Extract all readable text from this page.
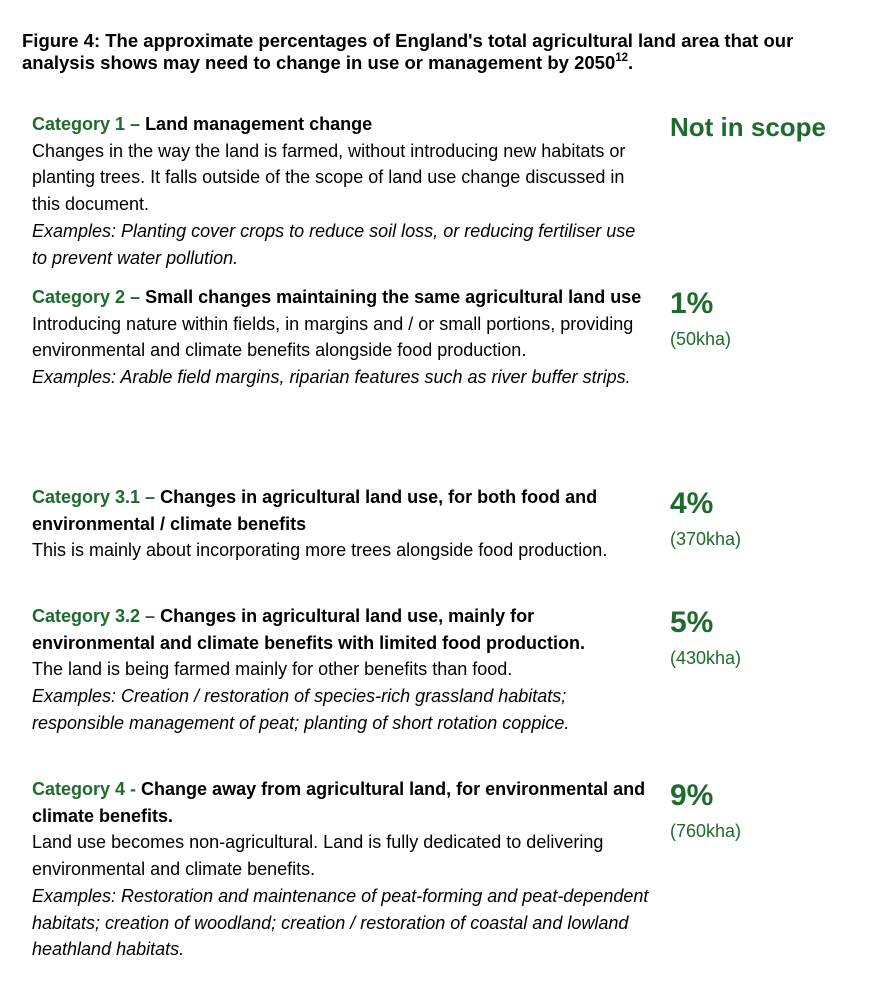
Figure 4: The approximate percentages of England's total agricultural land area that our analysis shows may need to change in use or management by 2050$^{12}$.

Category 1 – Land management change

Changes in the way the land is farmed, without introducing new habitats or planting trees. It falls outside of the scope of land use change discussed in this document.

Examples: Planting cover crops to reduce soil loss, or reducing fertiliser use to prevent water pollution.

Not in scope

Category 2 – Small changes maintaining the same agricultural land use

Introducing nature within fields, in margins and / or small portions, providing environmental and climate benefits alongside food production.

Examples: Arable field margins, riparian features such as river buffer strips.

1%
(50kha)

Category 3.1 – Changes in agricultural land use, for both food and environmental / climate benefits

This is mainly about incorporating more trees alongside food production.

4%
(370kha)

Category 3.2 – Changes in agricultural land use, mainly for environmental and climate benefits with limited food production.

The land is being farmed mainly for other benefits than food.

Examples: Creation / restoration of species-rich grassland habitats; responsible management of peat; planting of short rotation coppice.

5%
(430kha)

Category 4 - Change away from agricultural land, for environmental and climate benefits.

Land use becomes non-agricultural. Land is fully dedicated to delivering environmental and climate benefits.

Examples: Restoration and maintenance of peat-forming and peat-dependent habitats; creation of woodland; creation / restoration of coastal and lowland heathland habitats.

9%
(760kha)
